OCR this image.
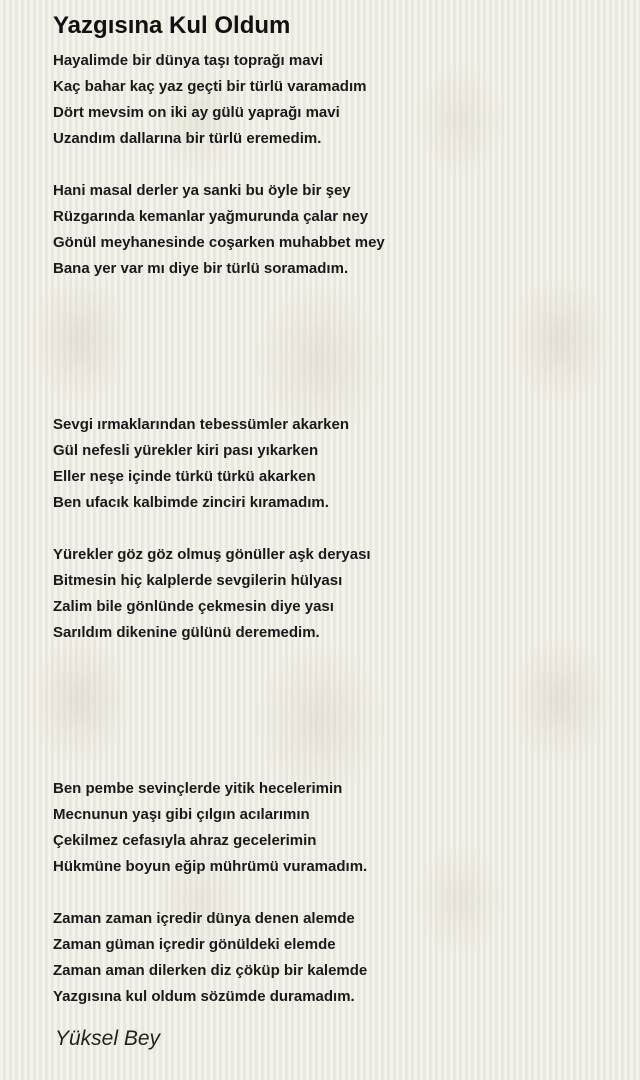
Yazgısına Kul Oldum
Hayalimde bir dünya taşı toprağı mavi
Kaç bahar kaç yaz geçti bir türlü varamadım
Dört mevsim on iki ay gülü yaprağı mavi
Uzandım dallarına bir türlü eremedim.
Hani masal derler ya sanki bu öyle bir şey
Rüzgarında kemanlar yağmurunda çalar ney
Gönül meyhanesinde coşarken muhabbet mey
Bana yer var mı diye bir türlü soramadım.
Sevgi ırmaklarından tebessümler akarken
Gül nefesli yürekler kiri pası yıkarken
Eller neşe içinde türkü türkü akarken
Ben ufacık kalbimde zinciri kıramadım.
Yürekler göz göz olmuş gönüller aşk deryası
Bitmesin hiç kalplerde sevgilerin hülyası
Zalim bile gönlünde çekmesin diye yası
Sarıldım dikenine gülünü deremedim.
Ben pembe sevinçlerde yitik hecelerimin
Mecnunun yaşı gibi çılgın acılarımın
Çekilmez cefasıyla ahraz gecelerimin
Hükmüne boyun eğip mührümü vuramadım.
Zaman zaman içredir dünya denen alemde
Zaman güman içredir gönüldeki elemde
Zaman aman dilerken diz çöküp bir kalemde
Yazgısına kul oldum sözümde duramadım.
Yüksel Bey
